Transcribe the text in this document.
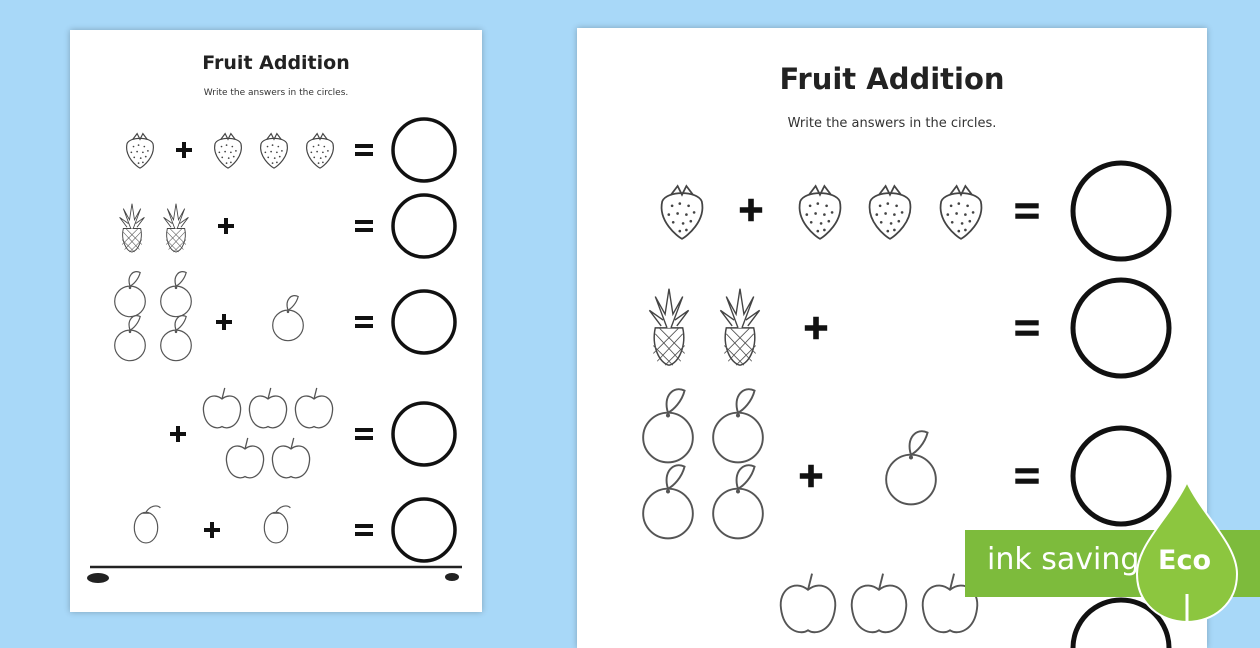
Fruit Addition
Write the answers in the circles.	Fruit Addition
Write the answers in the circles.
ink saving Eco
